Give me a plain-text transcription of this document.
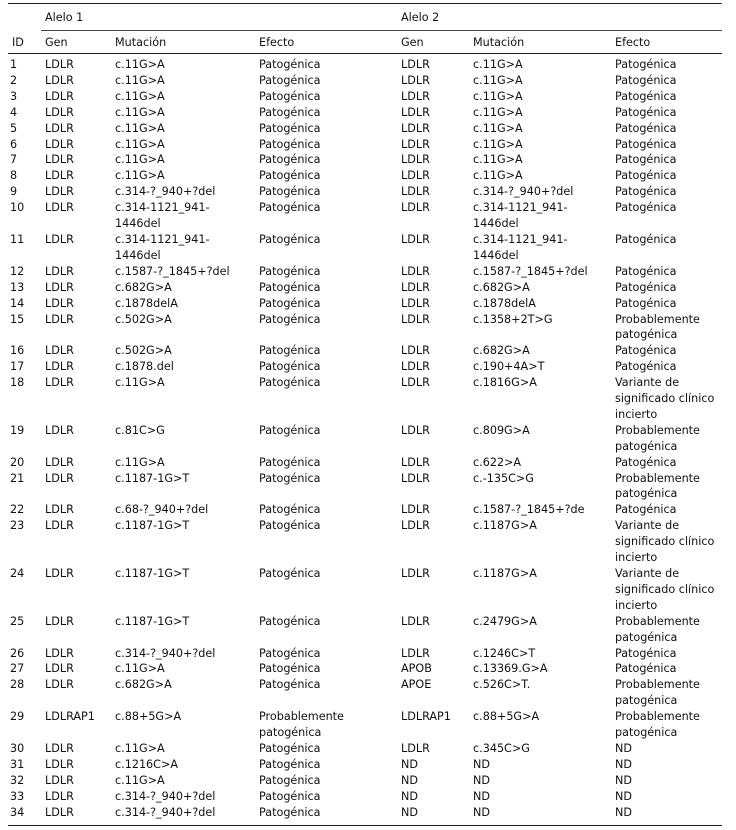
	Alelo 1			Alelo 2		
ID	Gen	Mutación	Efecto	Gen	Mutación	Efecto
1	LDLR	c.11G>A	Patogénica	LDLR	c.11G>A	Patogénica
2	LDLR	c.11G>A	Patogénica	LDLR	c.11G>A	Patogénica
3	LDLR	c.11G>A	Patogénica	LDLR	c.11G>A	Patogénica
4	LDLR	c.11G>A	Patogénica	LDLR	c.11G>A	Patogénica
5	LDLR	c.11G>A	Patogénica	LDLR	c.11G>A	Patogénica
6	LDLR	c.11G>A	Patogénica	LDLR	c.11G>A	Patogénica
7	LDLR	c.11G>A	Patogénica	LDLR	c.11G>A	Patogénica
8	LDLR	c.11G>A	Patogénica	LDLR	c.11G>A	Patogénica
9	LDLR	c.314-?_940+?del	Patogénica	LDLR	c.314-?_940+?del	Patogénica
10	LDLR	c.314-1121_941-1446del	Patogénica	LDLR	c.314-1121_941-1446del	Patogénica
11	LDLR	c.314-1121_941-1446del	Patogénica	LDLR	c.314-1121_941-1446del	Patogénica
12	LDLR	c.1587-?_1845+?del	Patogénica	LDLR	c.1587-?_1845+?del	Patogénica
13	LDLR	c.682G>A	Patogénica	LDLR	c.682G>A	Patogénica
14	LDLR	c.1878delA	Patogénica	LDLR	c.1878delA	Patogénica
15	LDLR	c.502G>A	Patogénica	LDLR	c.1358+2T>G	Probablemente patogénica
16	LDLR	c.502G>A	Patogénica	LDLR	c.682G>A	Patogénica
17	LDLR	c.1878.del	Patogénica	LDLR	c.190+4A>T	Patogénica
18	LDLR	c.11G>A	Patogénica	LDLR	c.1816G>A	Variante de significado clínico incierto
19	LDLR	c.81C>G	Patogénica	LDLR	c.809G>A	Probablemente patogénica
20	LDLR	c.11G>A	Patogénica	LDLR	c.622>A	Patogénica
21	LDLR	c.1187-1G>T	Patogénica	LDLR	c.-135C>G	Probablemente patogénica
22	LDLR	c.68-?_940+?del	Patogénica	LDLR	c.1587-?_1845+?de	Patogénica
23	LDLR	c.1187-1G>T	Patogénica	LDLR	c.1187G>A	Variante de significado clínico incierto
24	LDLR	c.1187-1G>T	Patogénica	LDLR	c.1187G>A	Variante de significado clínico incierto
25	LDLR	c.1187-1G>T	Patogénica	LDLR	c.2479G>A	Probablemente patogénica
26	LDLR	c.314-?_940+?del	Patogénica	LDLR	c.1246C>T	Patogénica
27	LDLR	c.11G>A	Patogénica	APOB	c.13369.G>A	Patogénica
28	LDLR	c.682G>A	Patogénica	APOE	c.526C>T.	Probablemente patogénica
29	LDLRAP1	c.88+5G>A	Probablemente patogénica	LDLRAP1	c.88+5G>A	Probablemente patogénica
30	LDLR	c.11G>A	Patogénica	LDLR	c.345C>G	ND
31	LDLR	c.1216C>A	Patogénica	ND	ND	ND
32	LDLR	c.11G>A	Patogénica	ND	ND	ND
33	LDLR	c.314-?_940+?del	Patogénica	ND	ND	ND
34	LDLR	c.314-?_940+?del	Patogénica	ND	ND	ND
